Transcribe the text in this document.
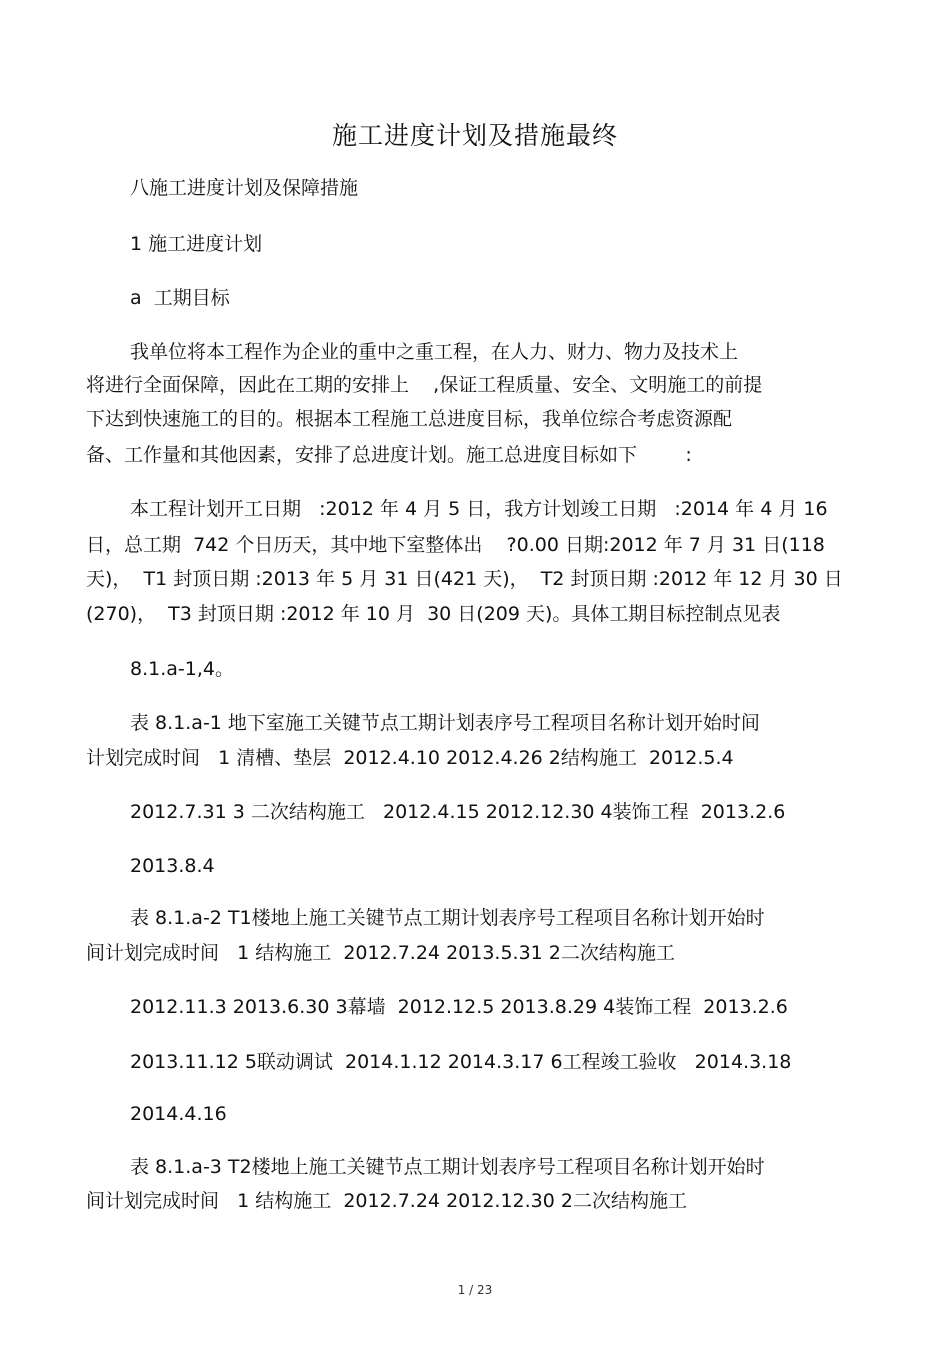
施工进度计划及措施最终
八施工进度计划及保障措施
1 施工进度计划
a  工期目标
我单位将本工程作为企业的重中之重工程，在人力、财力、物力及技术上
将进行全面保障，因此在工期的安排上    ,保证工程质量、安全、文明施工的前提
下达到快速施工的目的。根据本工程施工总进度目标，我单位综合考虑资源配
备、工作量和其他因素，安排了总进度计划。施工总进度目标如下        :
本工程计划开工日期   :2012 年 4 月 5 日，我方计划竣工日期   :2014 年 4 月 16
日，总工期  742 个日历天，其中地下室整体出    ?0.00 日期:2012 年 7 月 31 日(118
天)，  T1 封顶日期 :2013 年 5 月 31 日(421 天)，  T2 封顶日期 :2012 年 12 月 30 日
(270)，  T3 封顶日期 :2012 年 10 月  30 日(209 天)。具体工期目标控制点见表
8.1.a-1,4。
表 8.1.a-1 地下室施工关键节点工期计划表序号工程项目名称计划开始时间
计划完成时间   1 清槽、垫层  2012.4.10 2012.4.26 2结构施工  2012.5.4
2012.7.31 3 二次结构施工   2012.4.15 2012.12.30 4装饰工程  2013.2.6
2013.8.4
表 8.1.a-2 T1楼地上施工关键节点工期计划表序号工程项目名称计划开始时
间计划完成时间   1 结构施工  2012.7.24 2013.5.31 2二次结构施工
2012.11.3 2013.6.30 3幕墙  2012.12.5 2013.8.29 4装饰工程  2013.2.6
2013.11.12 5联动调试  2014.1.12 2014.3.17 6工程竣工验收   2014.3.18
2014.4.16
表 8.1.a-3 T2楼地上施工关键节点工期计划表序号工程项目名称计划开始时
间计划完成时间   1 结构施工  2012.7.24 2012.12.30 2二次结构施工
1 / 23
